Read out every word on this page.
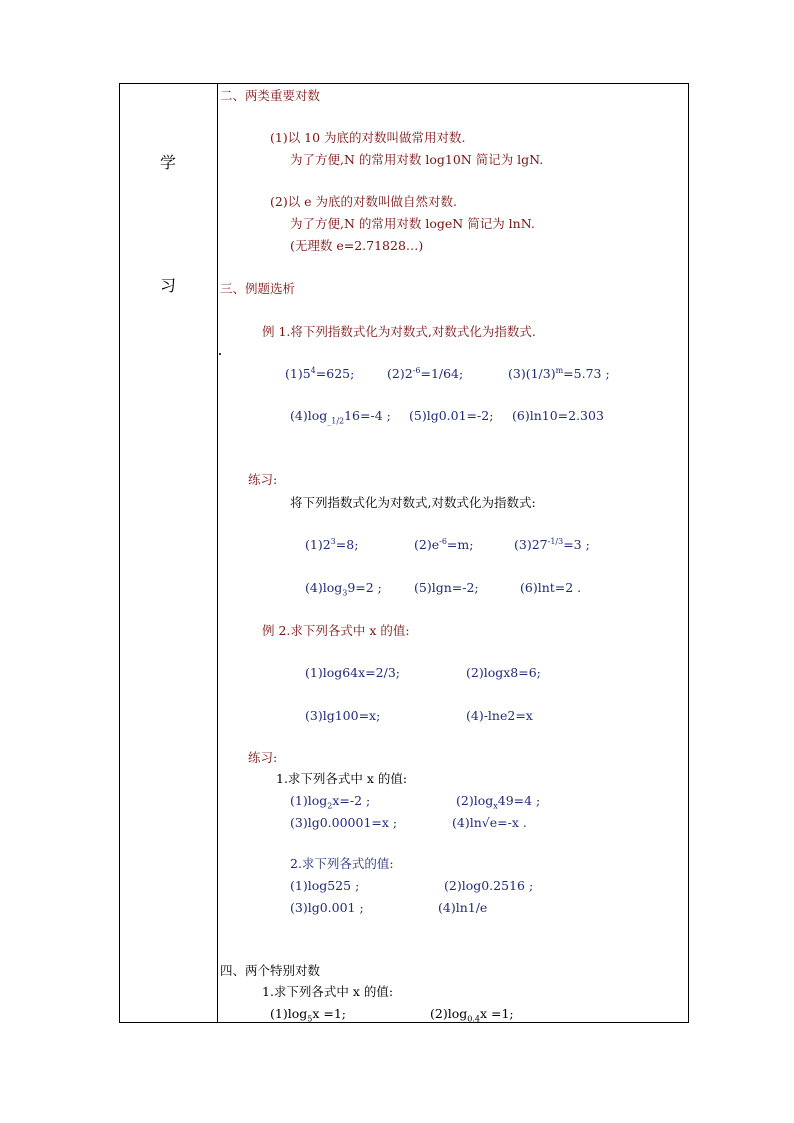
学
习
二、两类重要对数
(1)以 10 为底的对数叫做常用对数.
为了方便,N 的常用对数 log10N 简记为 lgN.
(2)以 e 为底的对数叫做自然对数.
为了方便,N 的常用对数 logeN 简记为 lnN.
(无理数 e=2.71828…)
三、例题选析
例 1.将下列指数式化为对数式,对数式化为指数式.
$(1)5^4=625$;	$(2)2^{-6}=1/64$;	$(3)(1/3)^m=5.73$ ;
$(4)\log_{\_1/2}16=-4$ ; (5)lg0.01=-2; (6)ln10=2.303
练习:
将下列指数式化为对数式,对数式化为指数式:
$(1)2^3=8$;	$(2)e^{-6}=m$;	$(3)27^{-1/3}=3$ ;
$(4)\log_39=2$ ;	(5)lgn=-2;	(6)lnt=2 .
例 2.求下列各式中 x 的值:
(1)log64x=2/3;	(2)logx8=6;
(3)lg100=x;	(4)-lne2=x
练习:
1.求下列各式中 x 的值:
$(1)\log_2x=-2$ ;	$(2)\log_x49=4$ ;
(3)lg0.00001=x ;	(4)ln√e=-x .
2.求下列各式的值:
(1)log525 ;	(2)log0.2516 ;
(3)lg0.001 ;	(4)ln1/e
四、两个特别对数
1.求下列各式中 x 的值:
$(1)\log_5x =1$;	$(2)\log_{0.4}x =1$;
